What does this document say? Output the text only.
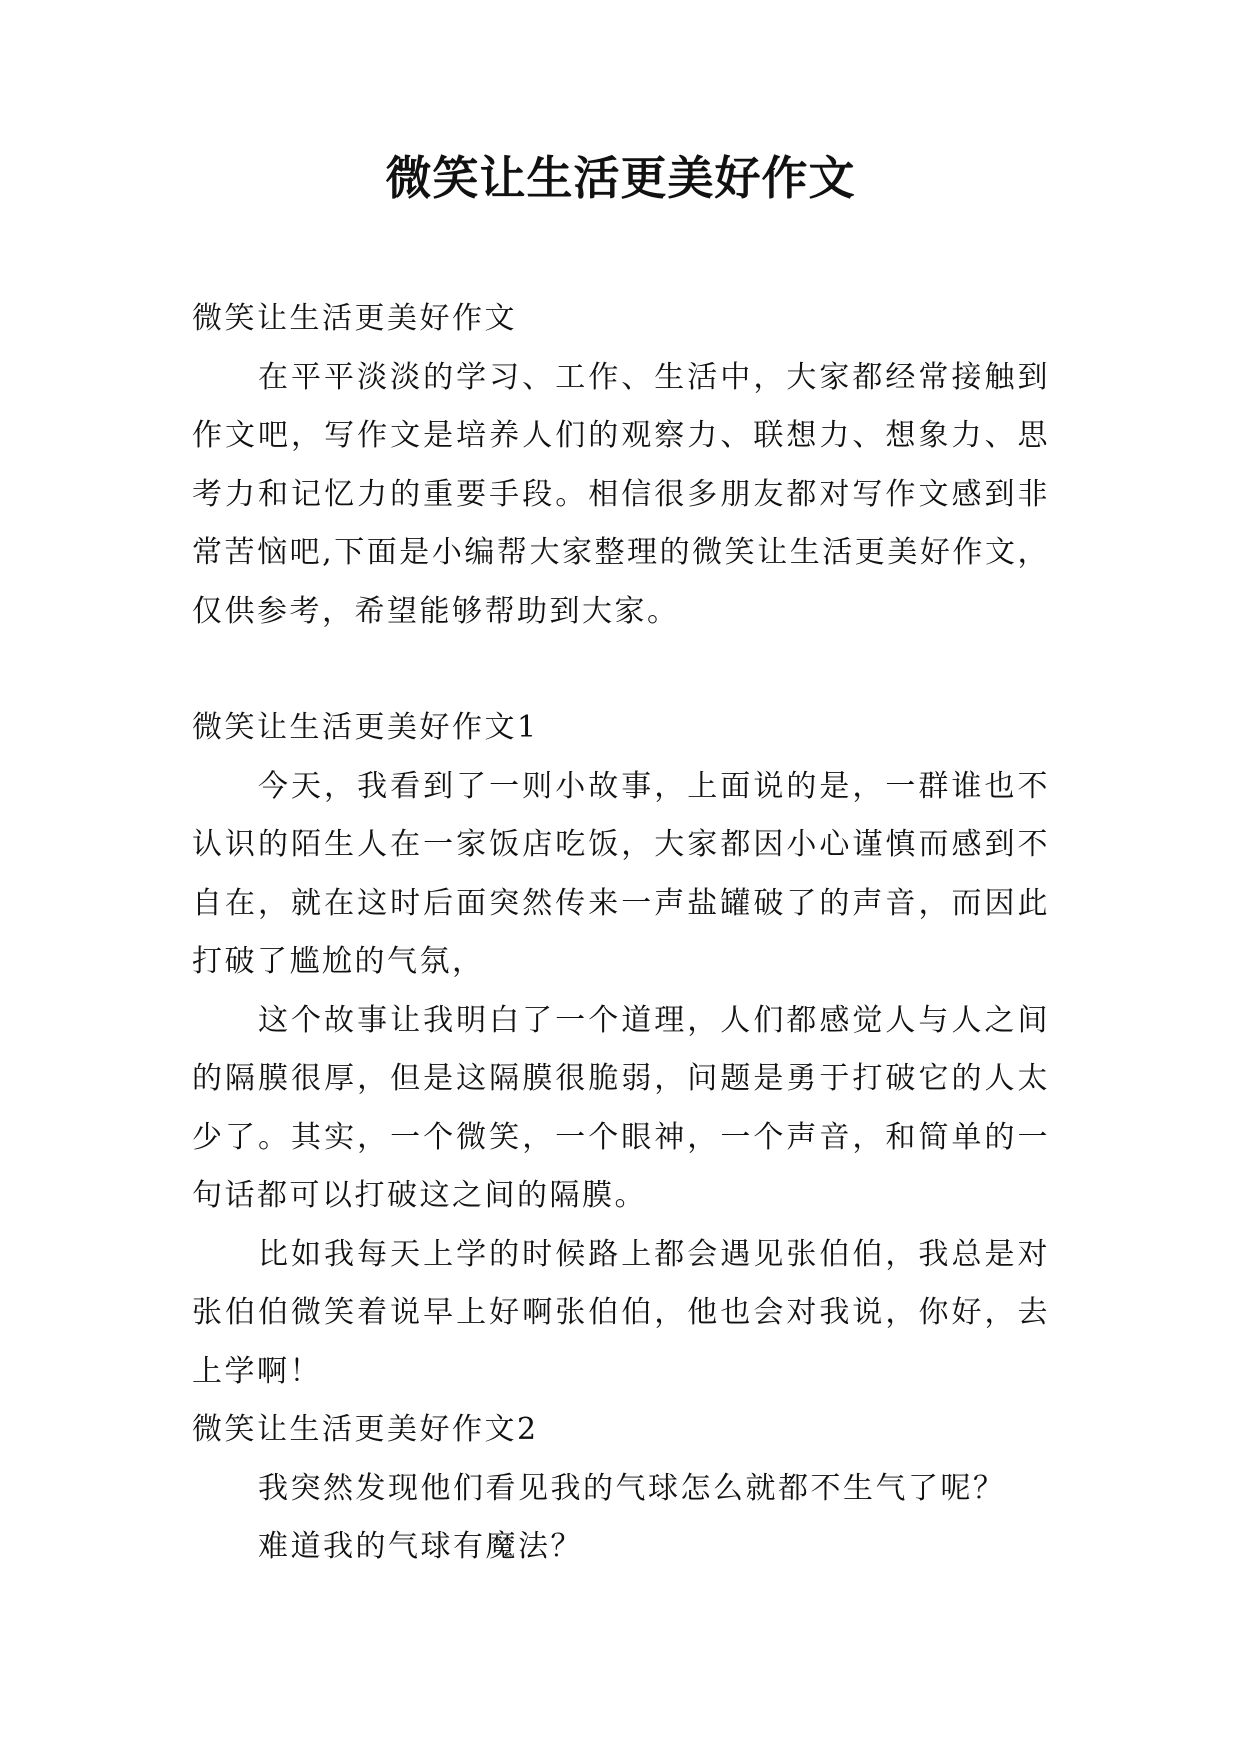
微笑让生活更美好作文

微笑让生活更美好作文

在平平淡淡的学习、工作、生活中，大家都经常接触到作文吧，写作文是培养人们的观察力、联想力、想象力、思考力和记忆力的重要手段。相信很多朋友都对写作文感到非常苦恼吧,下面是小编帮大家整理的微笑让生活更美好作文，仅供参考，希望能够帮助到大家。

微笑让生活更美好作文1

今天，我看到了一则小故事，上面说的是，一群谁也不认识的陌生人在一家饭店吃饭，大家都因小心谨慎而感到不自在，就在这时后面突然传来一声盐罐破了的声音，而因此打破了尴尬的气氛，

这个故事让我明白了一个道理，人们都感觉人与人之间的隔膜很厚，但是这隔膜很脆弱，问题是勇于打破它的人太少了。其实，一个微笑，一个眼神，一个声音，和简单的一句话都可以打破这之间的隔膜。

比如我每天上学的时候路上都会遇见张伯伯，我总是对张伯伯微笑着说早上好啊张伯伯，他也会对我说，你好，去上学啊！

微笑让生活更美好作文2

我突然发现他们看见我的气球怎么就都不生气了呢？

难道我的气球有魔法？
